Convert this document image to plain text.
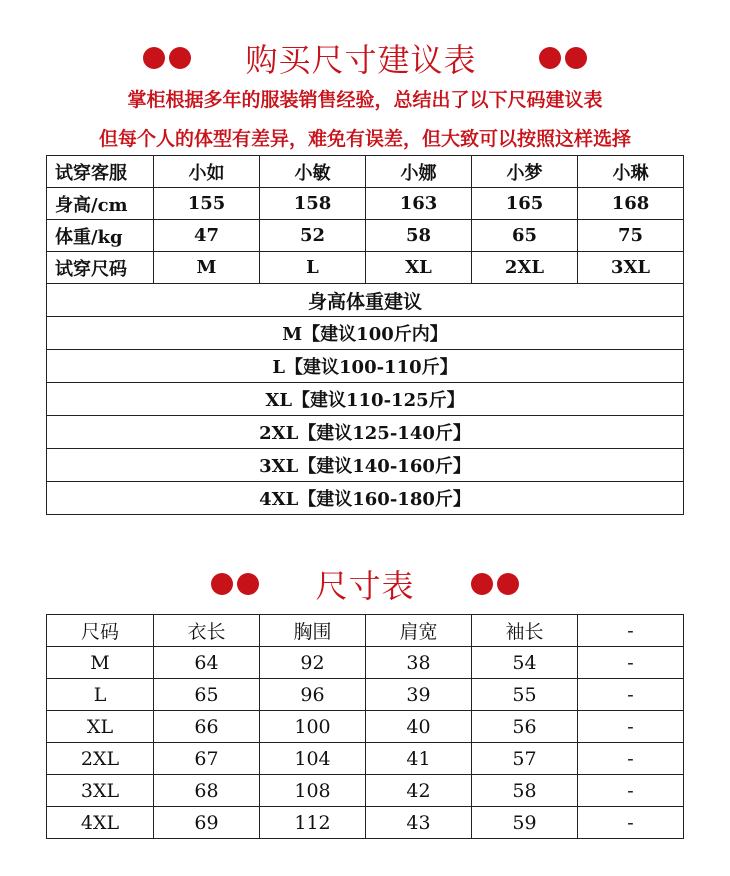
购买尺寸建议表
掌柜根据多年的服装销售经验，总结出了以下尺码建议表
但每个人的体型有差异，难免有误差，但大致可以按照这样选择
试穿客服	小如	小敏	小娜	小梦	小琳
身高/cm	155	158	163	165	168
体重/kg	47	52	58	65	75
试穿尺码	M	L	XL	2XL	3XL
身高体重建议					
M【建议100斤内】					
L【建议100-110斤】					
XL【建议110-125斤】					
2XL【建议125-140斤】					
3XL【建议140-160斤】					
4XL【建议160-180斤】					
尺寸表
尺码	衣长	胸围	肩宽	袖长	-
M	64	92	38	54	-
L	65	96	39	55	-
XL	66	100	40	56	-
2XL	67	104	41	57	-
3XL	68	108	42	58	-
4XL	69	112	43	59	-
